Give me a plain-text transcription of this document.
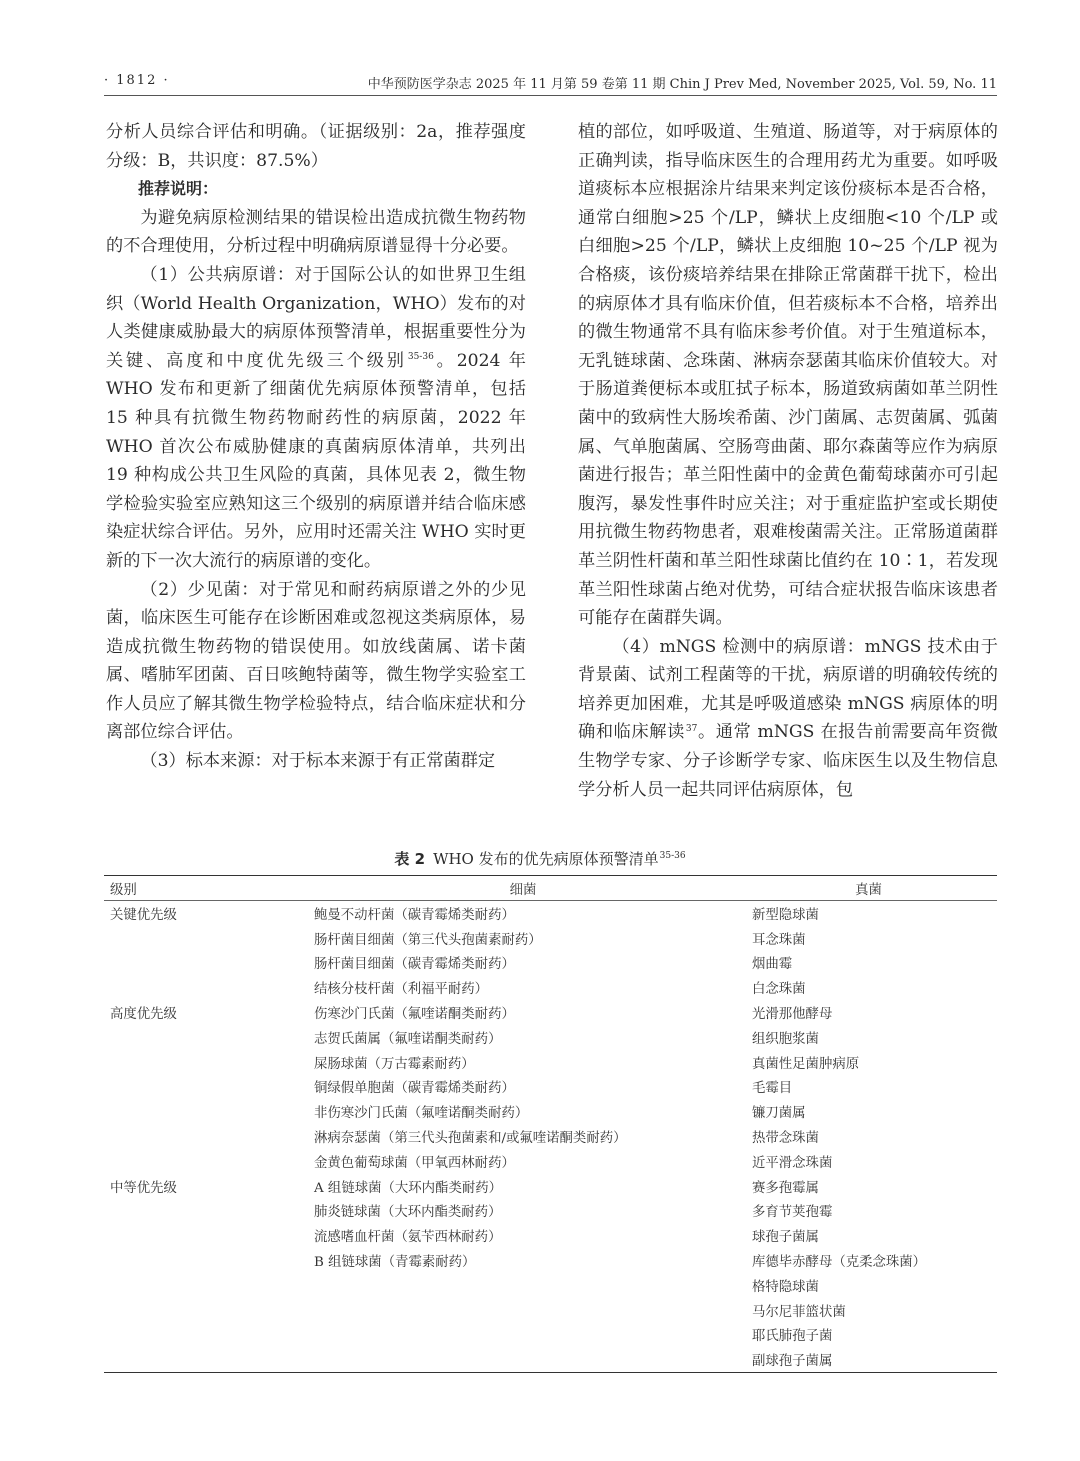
· 1812 ·	中华预防医学杂志 2025 年 11 月第 59 卷第 11 期 Chin J Prev Med, November 2025, Vol. 59, No. 11

分析人员综合评估和明确。（证据级别：2a，推荐强度分级：B，共识度：87.5%）

推荐说明：

为避免病原检测结果的错误检出造成抗微生物药物的不合理使用，分析过程中明确病原谱显得十分必要。

（1）公共病原谱：对于国际公认的如世界卫生组织（World Health Organization，WHO）发布的对人类健康威胁最大的病原体预警清单，根据重要性分为关键、高度和中度优先级三个级别$^{35-36}$。2024 年 WHO 发布和更新了细菌优先病原体预警清单，包括 15 种具有抗微生物药物耐药性的病原菌，2022 年 WHO 首次公布威胁健康的真菌病原体清单，共列出 19 种构成公共卫生风险的真菌，具体见表 2，微生物学检验实验室应熟知这三个级别的病原谱并结合临床感染症状综合评估。另外，应用时还需关注 WHO 实时更新的下一次大流行的病原谱的变化。

（2）少见菌：对于常见和耐药病原谱之外的少见菌，临床医生可能存在诊断困难或忽视这类病原体，易造成抗微生物药物的错误使用。如放线菌属、诺卡菌属、嗜肺军团菌、百日咳鲍特菌等，微生物学实验室工作人员应了解其微生物学检验特点，结合临床症状和分离部位综合评估。

（3）标本来源：对于标本来源于有正常菌群定

植的部位，如呼吸道、生殖道、肠道等，对于病原体的正确判读，指导临床医生的合理用药尤为重要。如呼吸道痰标本应根据涂片结果来判定该份痰标本是否合格，通常白细胞>25 个/LP，鳞状上皮细胞<10 个/LP 或白细胞>25 个/LP，鳞状上皮细胞 10~25 个/LP 视为合格痰，该份痰培养结果在排除正常菌群干扰下，检出的病原体才具有临床价值，但若痰标本不合格，培养出的微生物通常不具有临床参考价值。对于生殖道标本，无乳链球菌、念珠菌、淋病奈瑟菌其临床价值较大。对于肠道粪便标本或肛拭子标本，肠道致病菌如革兰阴性菌中的致病性大肠埃希菌、沙门菌属、志贺菌属、弧菌属、气单胞菌属、空肠弯曲菌、耶尔森菌等应作为病原菌进行报告；革兰阳性菌中的金黄色葡萄球菌亦可引起腹泻，暴发性事件时应关注；对于重症监护室或长期使用抗微生物药物患者，艰难梭菌需关注。正常肠道菌群革兰阴性杆菌和革兰阳性球菌比值约在 10∶1，若发现革兰阳性球菌占绝对优势，可结合症状报告临床该患者可能存在菌群失调。

（4）mNGS 检测中的病原谱：mNGS 技术由于背景菌、试剂工程菌等的干扰，病原谱的明确较传统的培养更加困难，尤其是呼吸道感染 mNGS 病原体的明确和临床解读$^{37}$。通常 mNGS 在报告前需要高年资微生物学专家、分子诊断学专家、临床医生以及生物信息学分析人员一起共同评估病原体，包

表 2 WHO 发布的优先病原体预警清单$^{35-36}$
级别	细菌	真菌
关键优先级	鲍曼不动杆菌（碳青霉烯类耐药）	新型隐球菌
	肠杆菌目细菌（第三代头孢菌素耐药）	耳念珠菌
	肠杆菌目细菌（碳青霉烯类耐药）	烟曲霉
	结核分枝杆菌（利福平耐药）	白念珠菌
高度优先级	伤寒沙门氏菌（氟喹诺酮类耐药）	光滑那他酵母
	志贺氏菌属（氟喹诺酮类耐药）	组织胞浆菌
	屎肠球菌（万古霉素耐药）	真菌性足菌肿病原
	铜绿假单胞菌（碳青霉烯类耐药）	毛霉目
	非伤寒沙门氏菌（氟喹诺酮类耐药）	镰刀菌属
	淋病奈瑟菌（第三代头孢菌素和/或氟喹诺酮类耐药）	热带念珠菌
	金黄色葡萄球菌（甲氧西林耐药）	近平滑念珠菌
中等优先级	A 组链球菌（大环内酯类耐药）	赛多孢霉属
	肺炎链球菌（大环内酯类耐药）	多育节荚孢霉
	流感嗜血杆菌（氨苄西林耐药）	球孢子菌属
	B 组链球菌（青霉素耐药）	库德毕赤酵母（克柔念珠菌）
		格特隐球菌
		马尔尼菲篮状菌
		耶氏肺孢子菌
		副球孢子菌属
